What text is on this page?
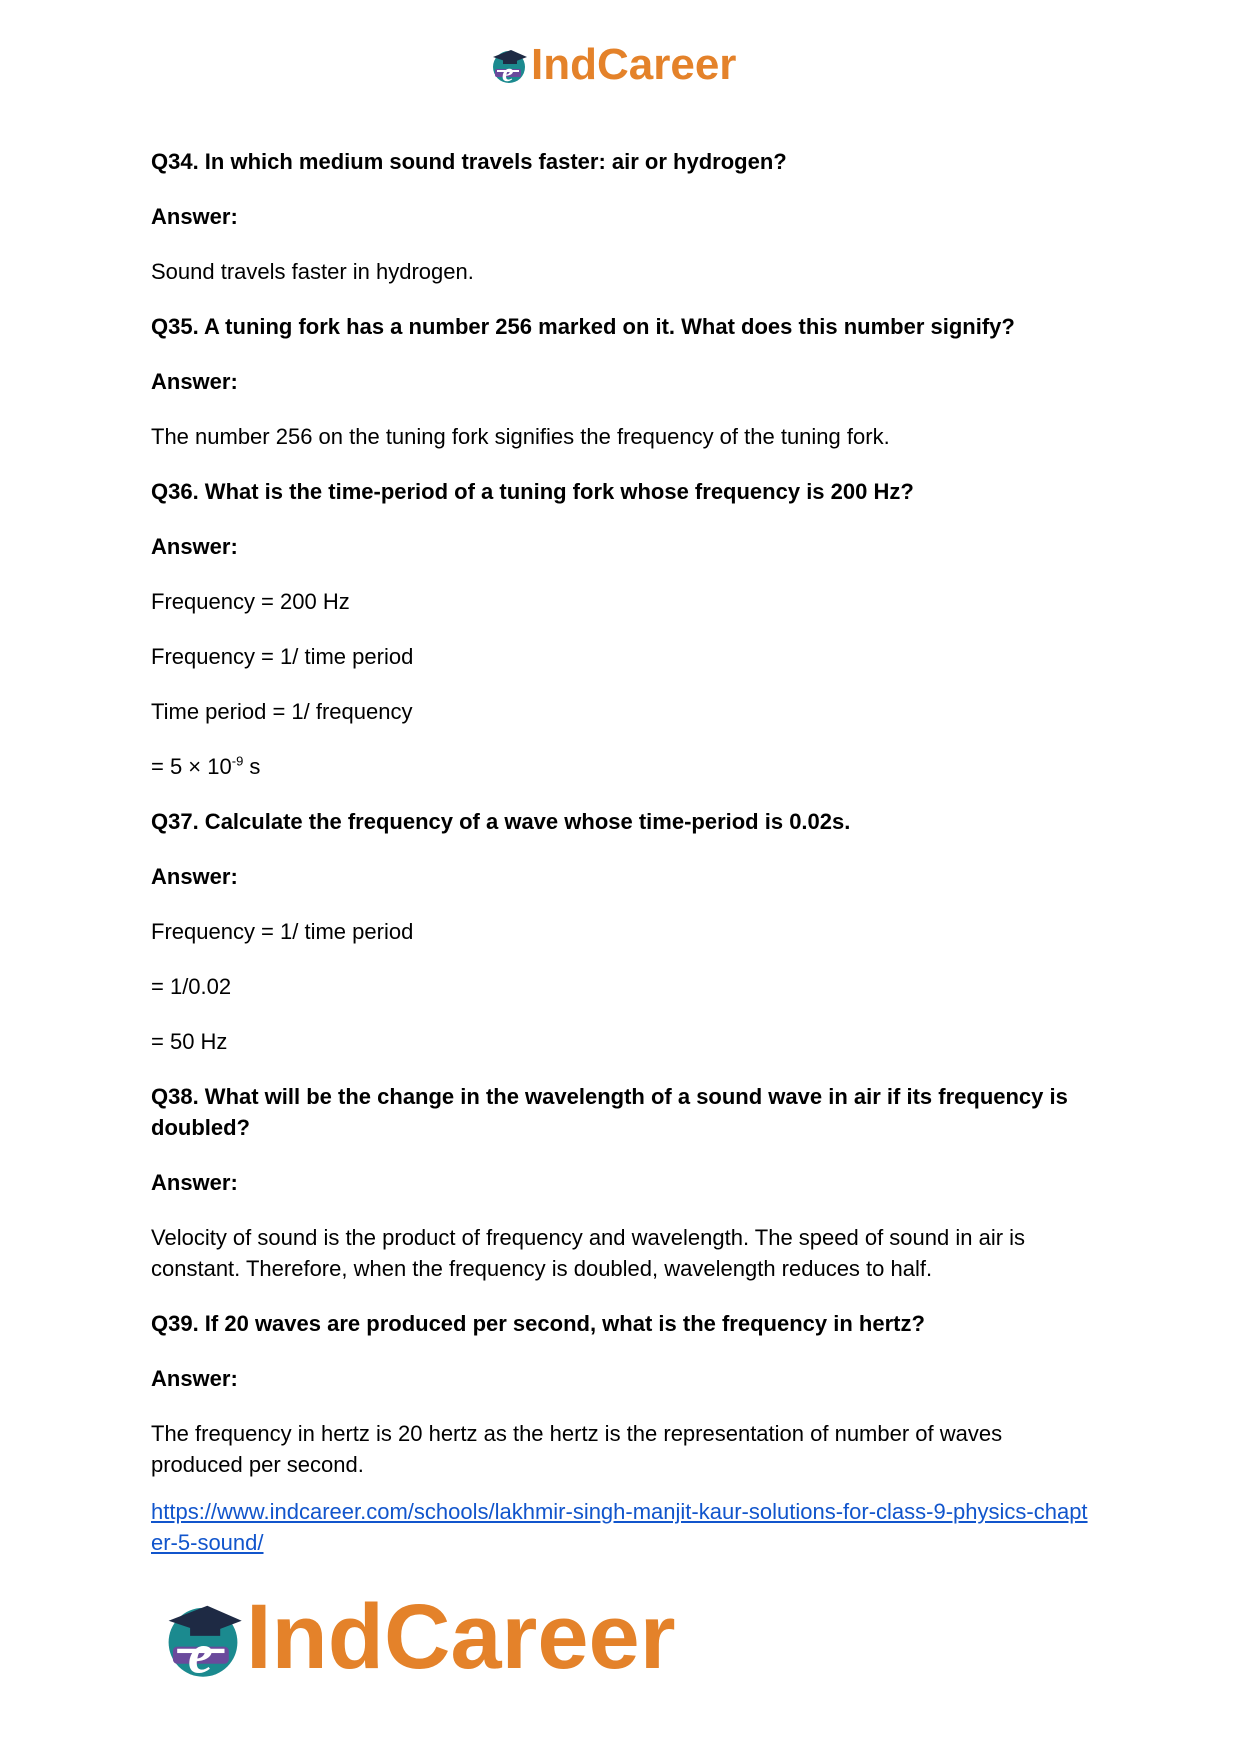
e IndCareer

Q34. In which medium sound travels faster: air or hydrogen?

Answer:

Sound travels faster in hydrogen.

Q35. A tuning fork has a number 256 marked on it. What does this number signify?

Answer:

The number 256 on the tuning fork signifies the frequency of the tuning fork.

Q36. What is the time-period of a tuning fork whose frequency is 200 Hz?

Answer:

Frequency = 200 Hz

Frequency = 1/ time period

Time period = 1/ frequency

= $5 \times 10^{-9}$ s

Q37. Calculate the frequency of a wave whose time-period is 0.02s.

Answer:

Frequency = 1/ time period

= 1/0.02

= 50 Hz

Q38. What will be the change in the wavelength of a sound wave in air if its frequency is doubled?

Answer:

Velocity of sound is the product of frequency and wavelength. The speed of sound in air is constant. Therefore, when the frequency is doubled, wavelength reduces to half.

Q39. If 20 waves are produced per second, what is the frequency in hertz?

Answer:

The frequency in hertz is 20 hertz as the hertz is the representation of number of waves produced per second.

https://www.indcareer.com/schools/lakhmir-singh-manjit-kaur-solutions-for-class-9-physics-chapter-5-sound/

e IndCareer
